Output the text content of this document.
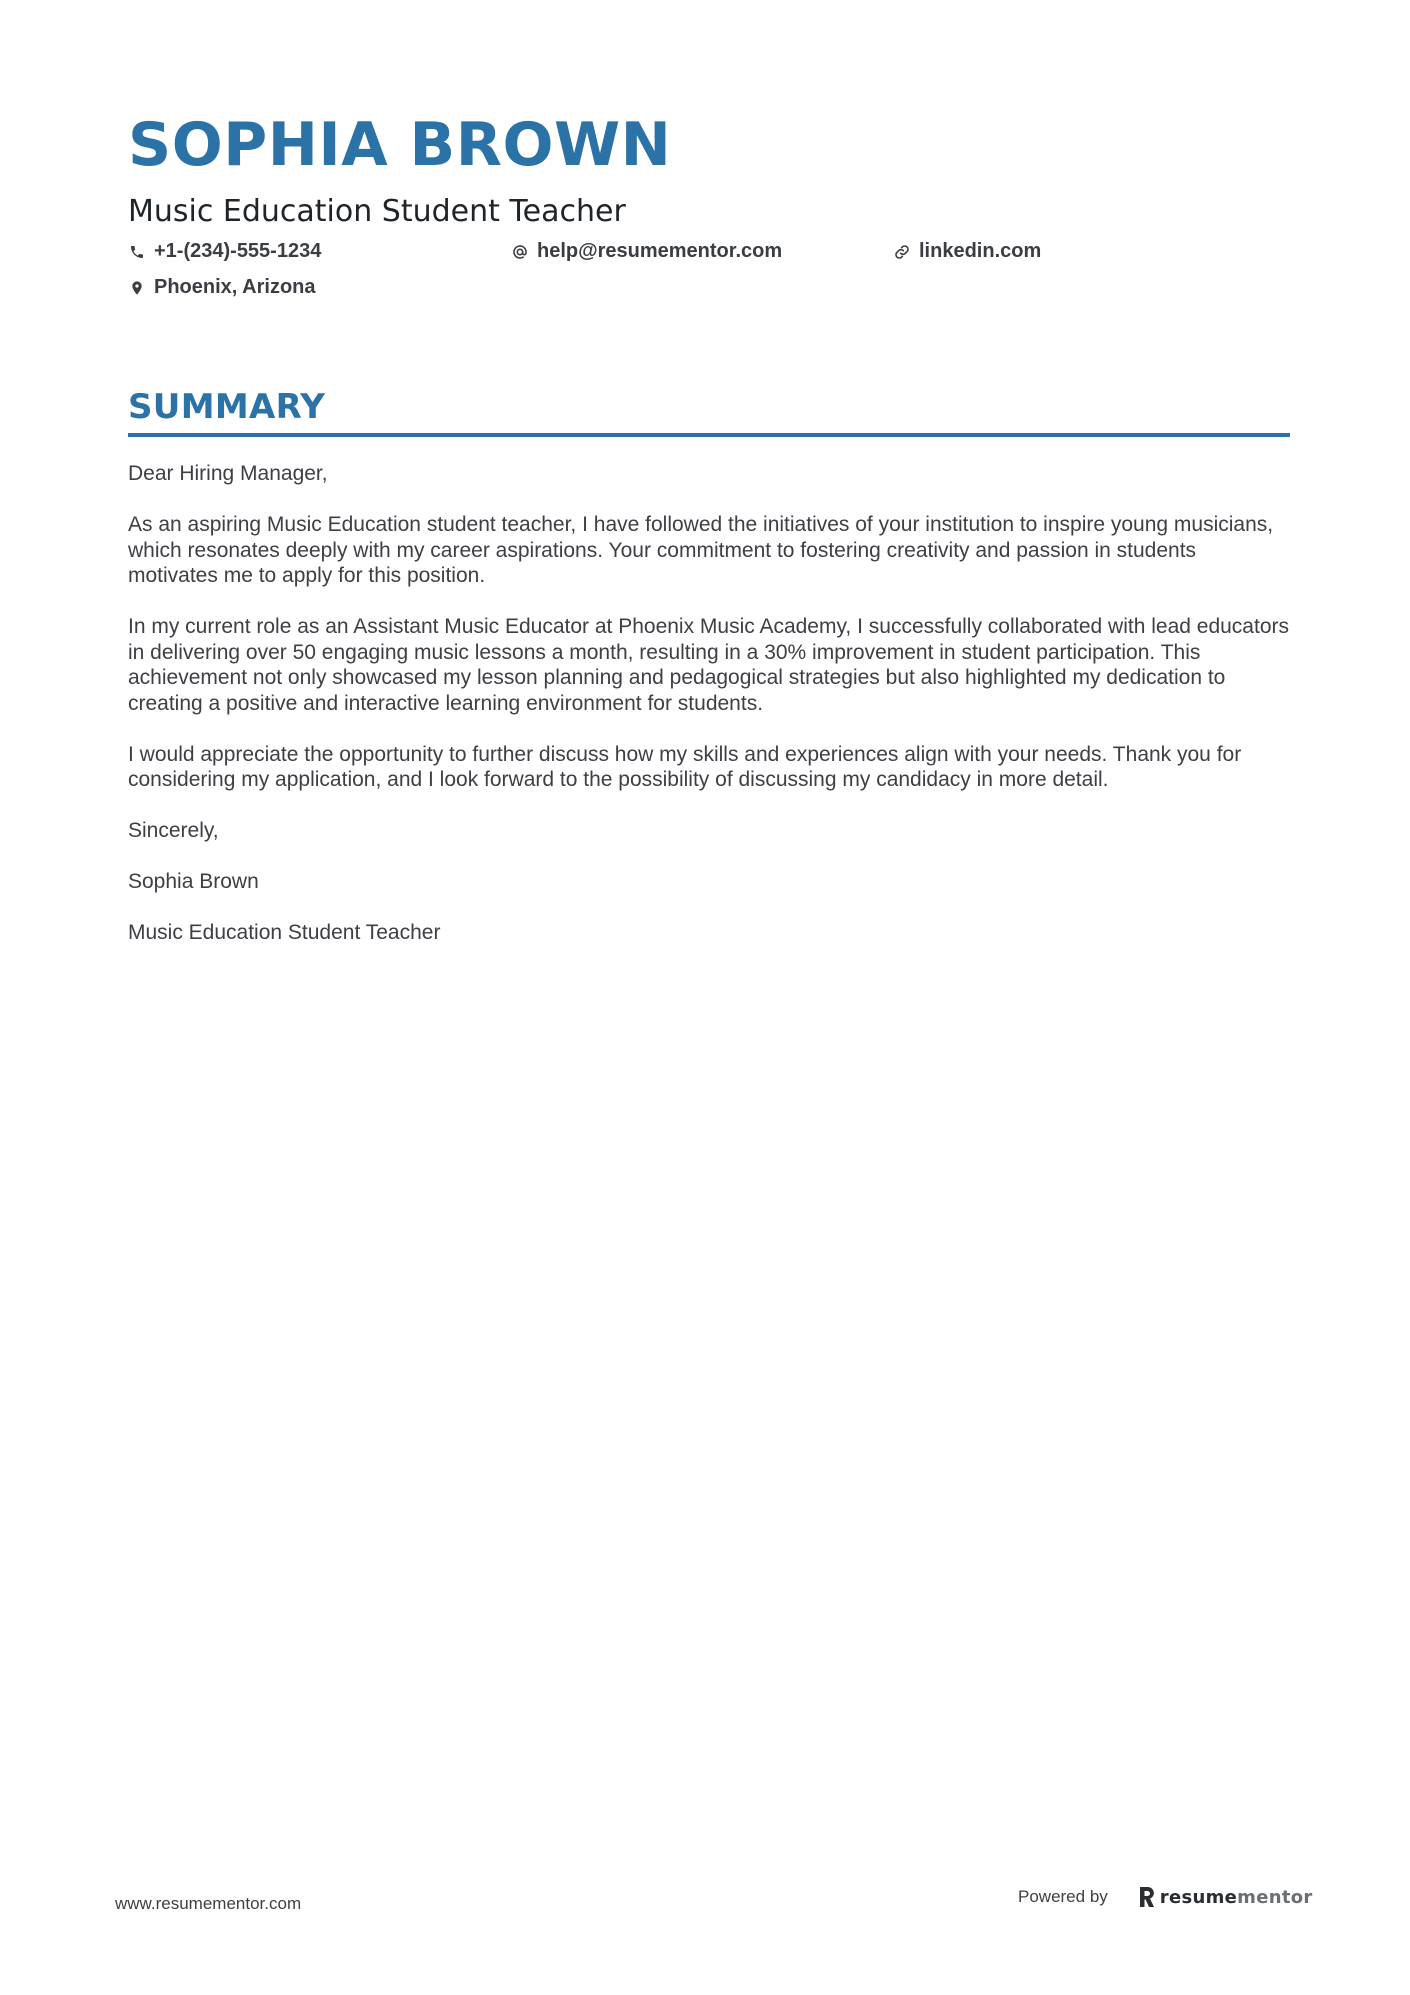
SOPHIA BROWN
Music Education Student Teacher
+1-(234)-555-1234	help@resumementor.com	linkedin.com
Phoenix, Arizona
SUMMARY

Dear Hiring Manager,

As an aspiring Music Education student teacher, I have followed the initiatives of your institution to inspire young musicians, which resonates deeply with my career aspirations. Your commitment to fostering creativity and passion in students motivates me to apply for this position.

In my current role as an Assistant Music Educator at Phoenix Music Academy, I successfully collaborated with lead educators in delivering over 50 engaging music lessons a month, resulting in a 30% improvement in student participation. This achievement not only showcased my lesson planning and pedagogical strategies but also highlighted my dedication to creating a positive and interactive learning environment for students.

I would appreciate the opportunity to further discuss how my skills and experiences align with your needs. Thank you for considering my application, and I look forward to the possibility of discussing my candidacy in more detail.

Sincerely,

Sophia Brown

Music Education Student Teacher

www.resumementor.com	Powered by	resumementor
